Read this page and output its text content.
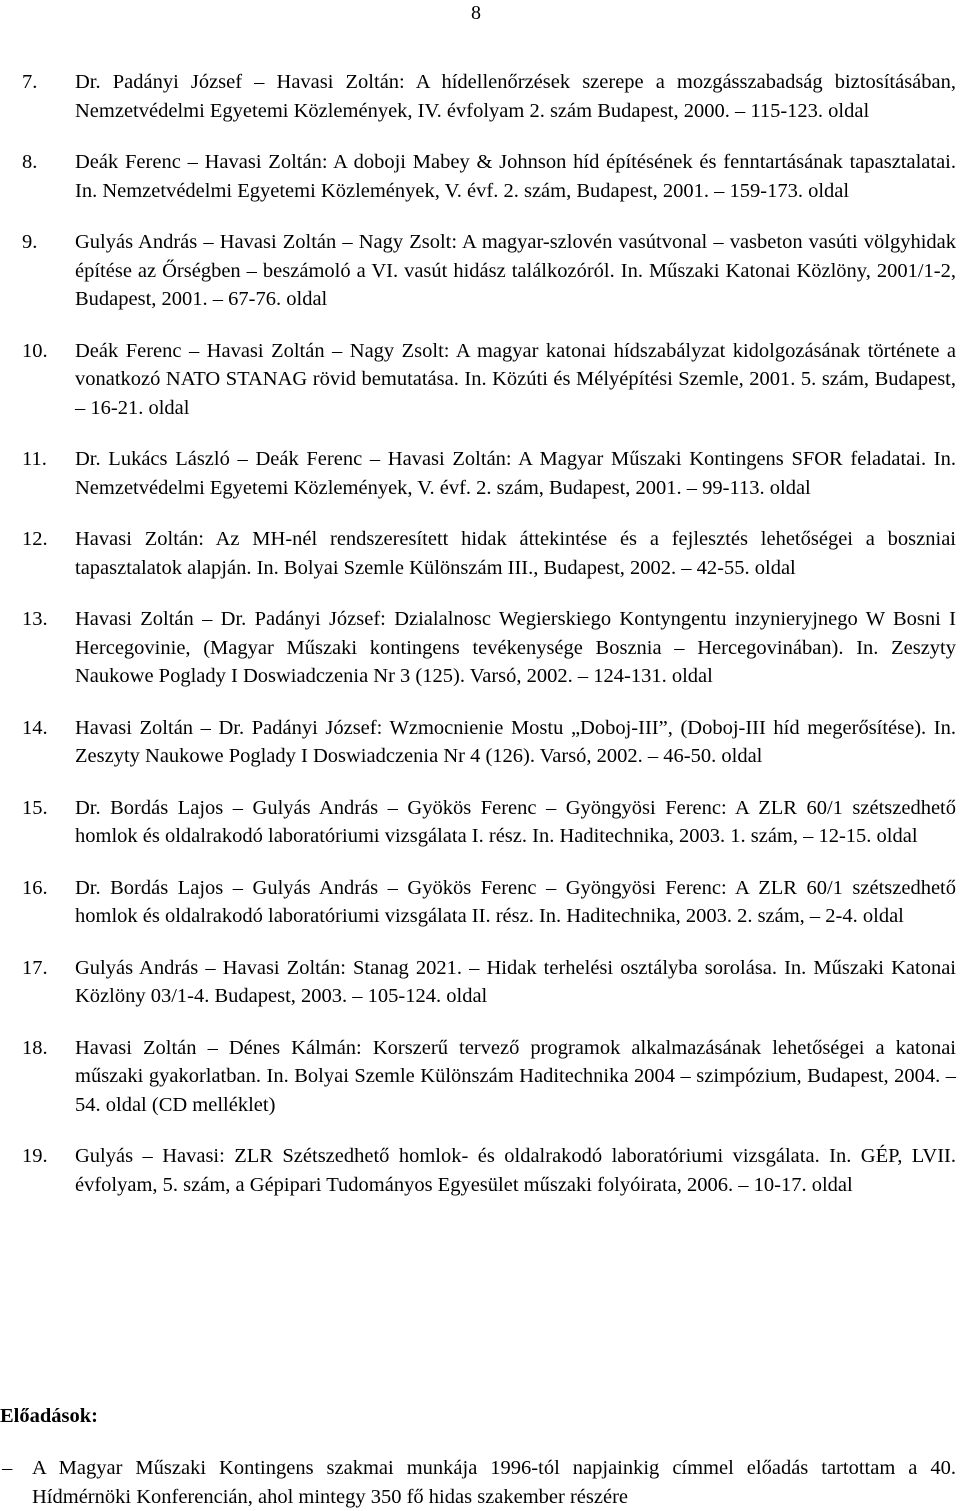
8
7.	Dr. Padányi József – Havasi Zoltán: A hídellenőrzések szerepe a mozgásszabadság biztosításában, Nemzetvédelmi Egyetemi Közlemények, IV. évfolyam 2. szám Budapest, 2000. – 115-123. oldal
8.	Deák Ferenc – Havasi Zoltán: A doboji Mabey & Johnson híd építésének és fenntartásának tapasztalatai. In. Nemzetvédelmi Egyetemi Közlemények, V. évf. 2. szám, Budapest, 2001. – 159-173. oldal
9.	Gulyás András – Havasi Zoltán – Nagy Zsolt: A magyar-szlovén vasútvonal – vasbeton vasúti völgyhidak építése az Őrségben – beszámoló a VI. vasút hidász találkozóról. In. Műszaki Katonai Közlöny, 2001/1-2, Budapest, 2001. – 67-76. oldal
10.	Deák Ferenc – Havasi Zoltán – Nagy Zsolt: A magyar katonai hídszabályzat kidolgozásának története a vonatkozó NATO STANAG rövid bemutatása. In. Közúti és Mélyépítési Szemle, 2001. 5. szám, Budapest, – 16-21. oldal
11.	Dr. Lukács László – Deák Ferenc – Havasi Zoltán: A Magyar Műszaki Kontingens SFOR feladatai. In. Nemzetvédelmi Egyetemi Közlemények, V. évf. 2. szám, Budapest, 2001. – 99-113. oldal
12.	Havasi Zoltán: Az MH-nél rendszeresített hidak áttekintése és a fejlesztés lehetőségei a boszniai tapasztalatok alapján. In. Bolyai Szemle Különszám III., Budapest, 2002. – 42-55. oldal
13.	Havasi Zoltán – Dr. Padányi József: Dzialalnosc Wegierskiego Kontyngentu inzynieryjnego W Bosni I Hercegovinie, (Magyar Műszaki kontingens tevékenysége Bosznia – Hercegovinában). In. Zeszyty Naukowe Poglady I Doswiadczenia Nr 3 (125). Varsó, 2002. – 124-131. oldal
14.	Havasi Zoltán – Dr. Padányi József: Wzmocnienie Mostu „Doboj-III”, (Doboj-III híd megerősítése). In. Zeszyty Naukowe Poglady I Doswiadczenia Nr 4 (126). Varsó, 2002. – 46-50. oldal
15.	Dr. Bordás Lajos – Gulyás András – Gyökös Ferenc – Gyöngyösi Ferenc: A ZLR 60/1 szétszedhető homlok és oldalrakodó laboratóriumi vizsgálata I. rész. In. Haditechnika, 2003. 1. szám, – 12-15. oldal
16.	Dr. Bordás Lajos – Gulyás András – Gyökös Ferenc – Gyöngyösi Ferenc: A ZLR 60/1 szétszedhető homlok és oldalrakodó laboratóriumi vizsgálata II. rész. In. Haditechnika, 2003. 2. szám, – 2-4. oldal
17.	Gulyás András – Havasi Zoltán: Stanag 2021. – Hidak terhelési osztályba sorolása. In. Műszaki Katonai Közlöny 03/1-4. Budapest, 2003. – 105-124. oldal
18.	Havasi Zoltán – Dénes Kálmán: Korszerű tervező programok alkalmazásának lehetőségei a katonai műszaki gyakorlatban. In. Bolyai Szemle Különszám Haditechnika 2004 – szimpózium, Budapest, 2004. – 54. oldal (CD melléklet)
19.	Gulyás – Havasi: ZLR Szétszedhető homlok- és oldalrakodó laboratóriumi vizsgálata. In. GÉP, LVII. évfolyam, 5. szám, a Gépipari Tudományos Egyesület műszaki folyóirata, 2006. – 10-17. oldal
Előadások:
– A Magyar Műszaki Kontingens szakmai munkája 1996-tól napjainkig címmel előadás tartottam a 40. Hídmérnöki Konferencián, ahol mintegy 350 fő hidas szakember részére
